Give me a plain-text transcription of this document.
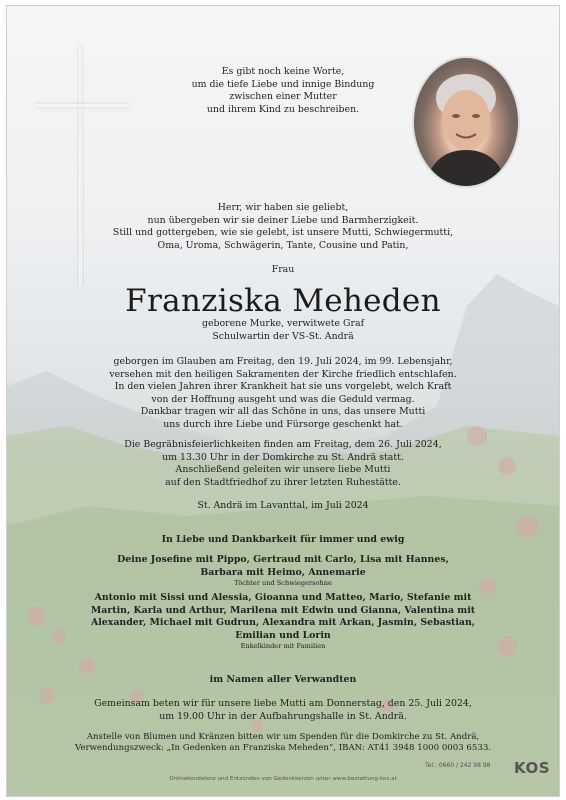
Es gibt noch keine Worte,
um die tiefe Liebe und innige Bindung
zwischen einer Mutter
und ihrem Kind zu beschreiben.
Herr, wir haben sie geliebt,
nun übergeben wir sie deiner Liebe und Barmherzigkeit.
Still und gottergeben, wie sie gelebt, ist unsere Mutti, Schwiegermutti,
Oma, Uroma, Schwägerin, Tante, Cousine und Patin,
Frau
Franziska Meheden
geborene Murke, verwitwete Graf
Schulwartin der VS-St. Andrä
geborgen im Glauben am Freitag, den 19. Juli 2024, im 99. Lebensjahr,
versehen mit den heiligen Sakramenten der Kirche friedlich entschlafen.
In den vielen Jahren ihrer Krankheit hat sie uns vorgelebt, welch Kraft
von der Hoffnung ausgeht und was die Geduld vermag.
Dankbar tragen wir all das Schöne in uns, das unsere Mutti
uns durch ihre Liebe und Fürsorge geschenkt hat.
Die Begräbnisfeierlichkeiten finden am Freitag, dem 26. Juli 2024,
um 13.30 Uhr in der Domkirche zu St. Andrä statt.
Anschließend geleiten wir unsere liebe Mutti
auf den Stadtfriedhof zu ihrer letzten Ruhestätte.
St. Andrä im Lavanttal, im Juli 2024
In Liebe und Dankbarkeit für immer und ewig
Deine Josefine mit Pippo, Gertraud mit Carlo, Lisa mit Hannes,
Barbara mit Heimo, Annemarie
Töchter und Schwiegersohne
Antonio mit Sissi und Alessia, Gioanna und Matteo, Mario, Stefanie mit
Martin, Karla und Arthur, Marilena mit Edwin und Gianna, Valentina mit
Alexander, Michael mit Gudrun, Alexandra mit Arkan, Jasmin, Sebastian,
Emilian und Lorin
Enkelkinder mit Familien
im Namen aller Verwandten
Gemeinsam beten wir für unsere liebe Mutti am Donnerstag, den 25. Juli 2024,
um 19.00 Uhr in der Aufbahrungshalle in St. Andrä.
Anstelle von Blumen und Kränzen bitten wir um Spenden für die Domkirche zu St. Andrä,
Verwendungszweck: „In Gedenken an Franziska Meheden“, IBAN: AT41 3948 1000 0003 6533.
Tel.: 0660 / 242 98 98 KOS
Onlinekondolenz und Entzünden von Gedenkkerzen unter www.bestattung-kos.at
